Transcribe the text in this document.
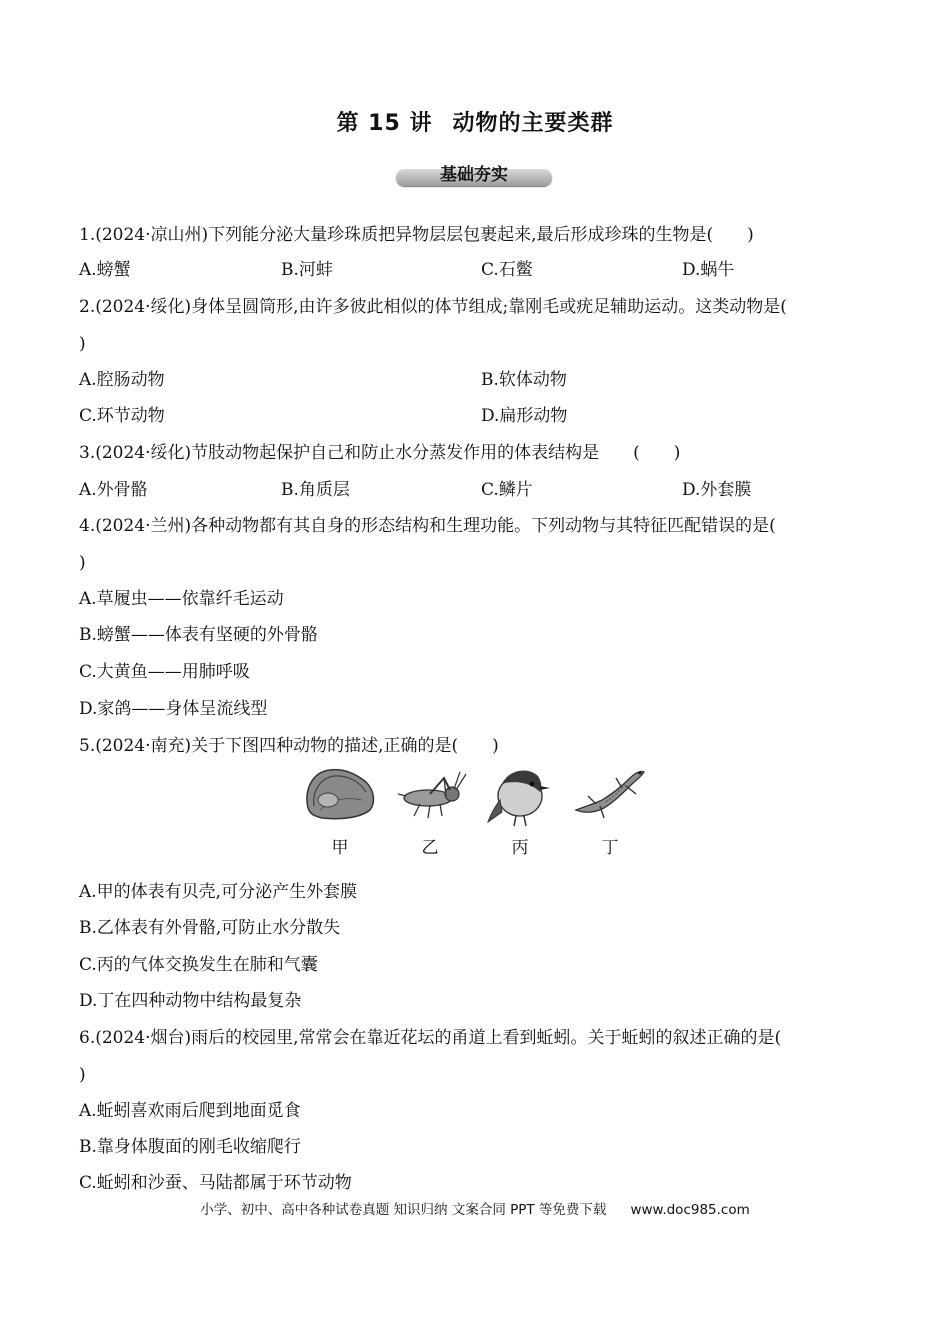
第 15 讲 动物的主要类群
基础夯实
1.(2024·凉山州)下列能分泌大量珍珠质把异物层层包裹起来,最后形成珍珠的生物是(　　)
A.螃蟹	B.河蚌	C.石鳖	D.蜗牛
2.(2024·绥化)身体呈圆筒形,由许多彼此相似的体节组成;靠刚毛或疣足辅助运动。这类动物是(
)
A.腔肠动物	B.软体动物
C.环节动物	D.扁形动物
3.(2024·绥化)节肢动物起保护自己和防止水分蒸发作用的体表结构是　　(　　)
A.外骨骼	B.角质层	C.鳞片	D.外套膜
4.(2024·兰州)各种动物都有其自身的形态结构和生理功能。下列动物与其特征匹配错误的是(
)
A.草履虫——依靠纤毛运动
B.螃蟹——体表有坚硬的外骨骼
C.大黄鱼——用肺呼吸
D.家鸽——身体呈流线型
5.(2024·南充)关于下图四种动物的描述,正确的是(　　)
甲	乙	丙	丁
A.甲的体表有贝壳,可分泌产生外套膜
B.乙体表有外骨骼,可防止水分散失
C.丙的气体交换发生在肺和气囊
D.丁在四种动物中结构最复杂
6.(2024·烟台)雨后的校园里,常常会在靠近花坛的甬道上看到蚯蚓。关于蚯蚓的叙述正确的是(
)
A.蚯蚓喜欢雨后爬到地面觅食
B.靠身体腹面的刚毛收缩爬行
C.蚯蚓和沙蚕、马陆都属于环节动物
小学、初中、高中各种试卷真题 知识归纳 文案合同 PPT 等免费下载 www.doc985.com
